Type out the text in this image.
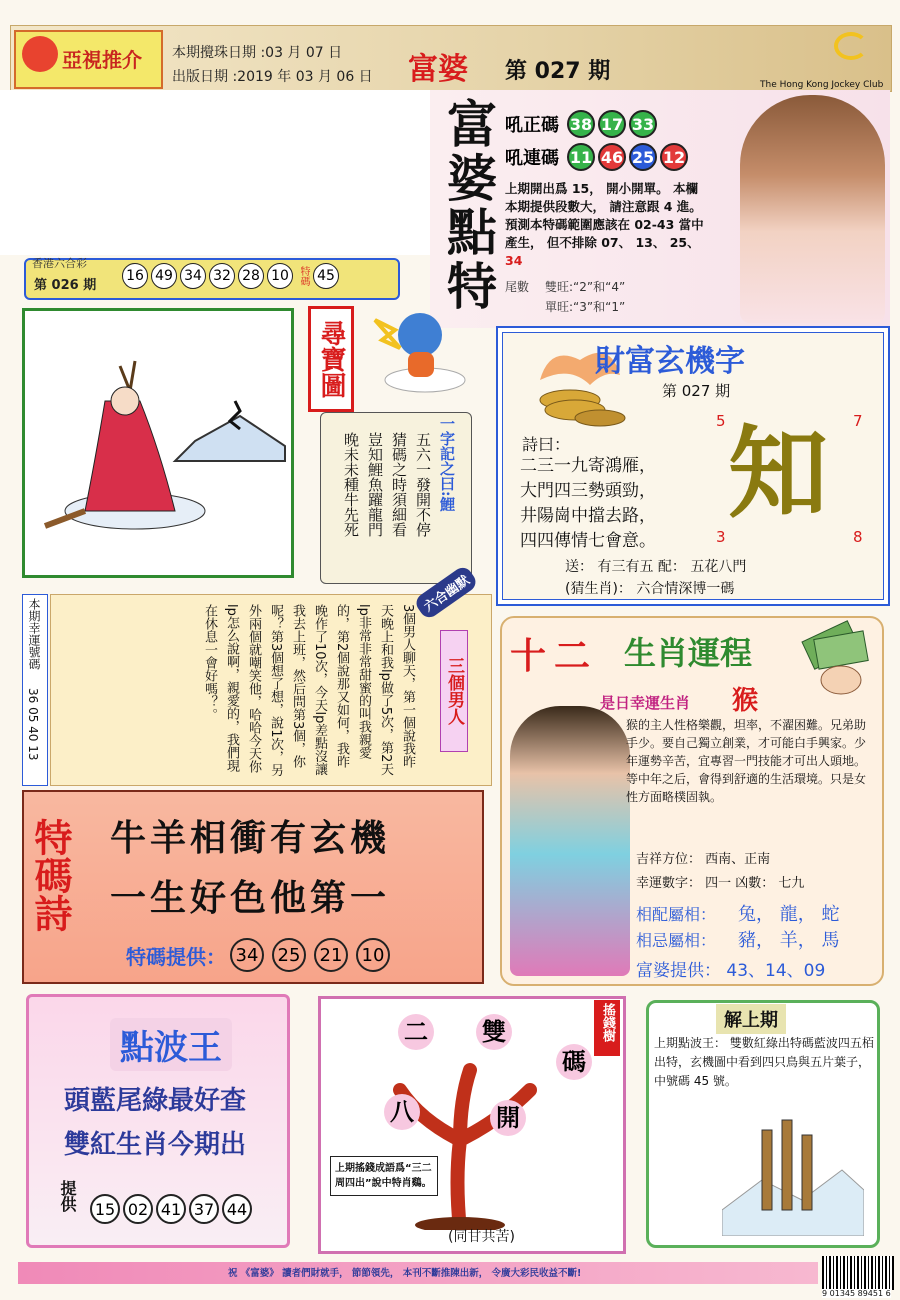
亞視推介 本期攪珠日期 :03 月 07 日
出版日期 :2019 年 03 月 06 日 富婆 第 027 期
The Hong Kong Jockey Club
富婆點特 吼正碼 38 17 33
吼連碼 11 46 25 12
上期開出爲 15， 開小開單。 本欄
本期提供段數大， 請注意跟 4 進。
預測本特碼範圍應該在 02-43 當中
產生， 但不排除 07、 13、 25、
34
尾數 雙旺:“2”和“4”
單旺:“3”和“1”
香港六合彩
第 026 期
16 49 34 32 28 10 特碼 45
尋寶圖
一字記之曰:鯉
五六一發開不停
猜碼之時須細看
豈知鯉魚躍龍門
晚未未種牛先死
財富玄機字
第 027 期
詩曰：
二三一九寄鴻雁，
大門四三勢頭勁，
井陽崗中擋去路，
四四傳情七會意。
5	7
3	8
知
送： 有三有五 配： 五花八門
(猜生肖)： 六合情深博一碼
本期幸運號碼
36 05 40 13	3個男人聊天，第一個說我昨天晚上和我lp做了5次，第2天lp非常非常甜蜜的叫我親愛的，第2個說那又如何，我昨晚作了10次，今天lp差點沒讓我去上班，然后問第3個，你呢？第3個想了想，說1次，另外兩個就嘲笑他，哈哈今天你lp怎么說啊，親愛的，我們現在休息一會好嗎？。
六合幽默
三個男人
十二 生肖運程
是日幸運生肖 猴
猴的主人性格樂觀，坦率，不濯困難。兄弟助手少。要自己獨立創業，才可能白手興家。少年運勢辛苦，宜專習一門技能才可出人頭地。等中年之后，會得到舒適的生活環境。只是女性方面略樸固執。
吉祥方位： 西南、正南
幸運數字： 四一 凶數： 七九
相配屬相： 兔， 龍， 蛇
相忌屬相： 豬， 羊， 馬
富婆提供： 43、14、09
特碼詩 牛羊相衝有玄機
一生好色他第一
特碼提供： 34	25	21	10
點波王
頭藍尾綠最好查
雙紅生肖今期出
提供	15 02 41 37 44
搖錢樹
二
八
雙
開
碼
上期搖錢成語爲“三二周四出”說中特肖鷄。
(同甘共苦)
解上期
上期點波王： 雙數紅綠出特碼藍波四五栢出特，玄機圖中看到四只鳥與五片葉子，中號碼 45 號。
祝 《富婆》 讀者們財就手， 節節領先， 本刊不斷推陳出新， 令廣大彩民收益不斷!
9 01345 89451 6
